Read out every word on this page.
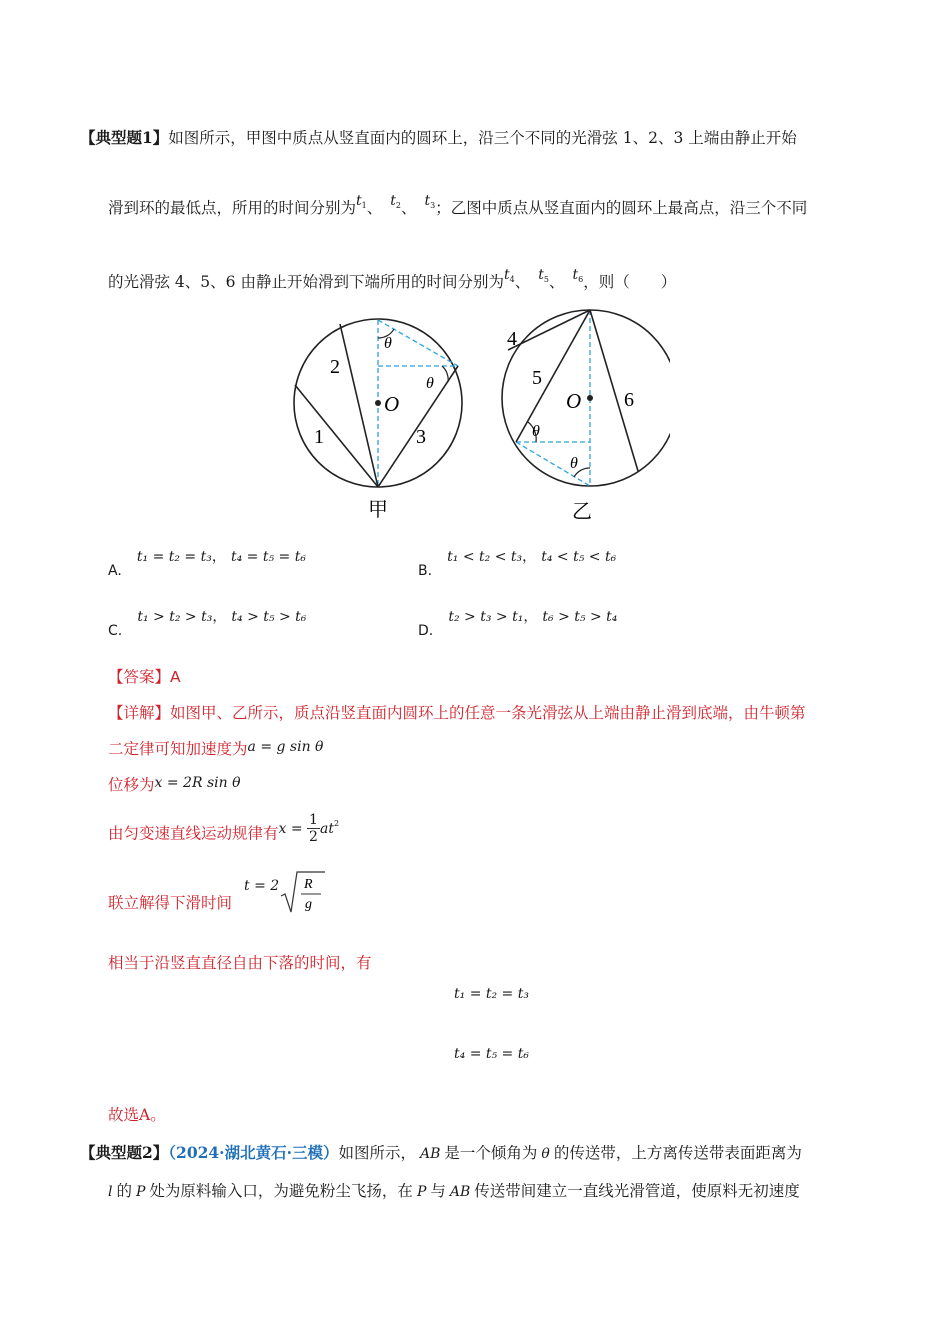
【典型题1】如图所示，甲图中质点从竖直面内的圆环上，沿三个不同的光滑弦 1、2、3 上端由静止开始
滑到环的最低点，所用的时间分别为$t_1$、 $t_2$、 $t_3$；乙图中质点从竖直面内的圆环上最高点，沿三个不同
的光滑弦 4、5、6 由静止开始滑到下端所用的时间分别为$t_4$、 $t_5$、 $t_6$，则（　　）
O
θ
θ
1
2
3
甲
O
θ
θ
4
5
6
乙
A. t₁ = t₂ = t₃， t₄ = t₅ = t₆
B. t₁ < t₂ < t₃， t₄ < t₅ < t₆
C. t₁ > t₂ > t₃， t₄ > t₅ > t₆
D. t₂ > t₃ > t₁， t₆ > t₅ > t₄
【答案】A
【详解】如图甲、乙所示，质点沿竖直面内圆环上的任意一条光滑弦从上端由静止滑到底端，由牛顿第
二定律可知加速度为a = g sin θ
位移为x = 2R sin θ
由匀变速直线运动规律有$x = \frac{1}{2} at^2$
联立解得下滑时间
t = 2 R
g
相当于沿竖直直径自由下落的时间，有
t₁ = t₂ = t₃
t₄ = t₅ = t₆
故选A。
【典型题2】（2024·湖北黄石·三模）如图所示， AB 是一个倾角为 θ 的传送带，上方离传送带表面距离为
l 的 P 处为原料输入口，为避免粉尘飞扬，在 P 与 AB 传送带间建立一直线光滑管道，使原料无初速度
